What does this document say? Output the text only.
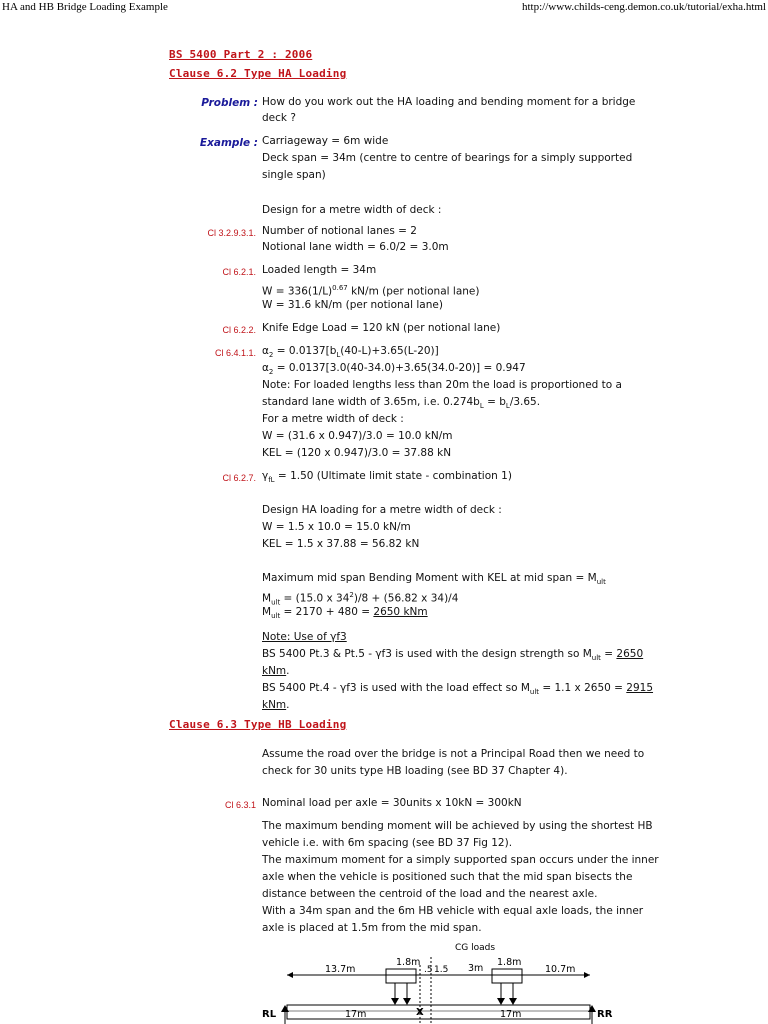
HA and HB Bridge Loading Example	http://www.childs-ceng.demon.co.uk/tutorial/exha.html
BS 5400 Part 2 : 2006
Clause 6.2 Type HA Loading
Problem : How do you work out the HA loading and bending moment for a bridge
deck ?
Example : Carriageway = 6m wide
Deck span = 34m (centre to centre of bearings for a simply supported
single span)
Design for a metre width of deck :
Cl 3.2.9.3.1. Number of notional lanes = 2
Notional lane width = 6.0/2 = 3.0m
Cl 6.2.1. Loaded length = 34m
$W = 336(1/L)^{0.67}$ kN/m (per notional lane)
W = 31.6 kN/m (per notional lane)
Cl 6.2.2. Knife Edge Load = 120 kN (per notional lane)
Cl 6.4.1.1. $\alpha_2 = 0.0137[b_L(40-L)+3.65(L-20)]$
$\alpha_2 = 0.0137[3.0(40-34.0)+3.65(34.0-20)] = 0.947$
Note: For loaded lengths less than 20m the load is proportioned to a
standard lane width of 3.65m, i.e. $0.274b_L = b_L/3.65$.
For a metre width of deck :
W = (31.6 x 0.947)/3.0 = 10.0 kN/m
KEL = (120 x 0.947)/3.0 = 37.88 kN
Cl 6.2.7. $\gamma_{fL} = 1.50$ (Ultimate limit state - combination 1)
Design HA loading for a metre width of deck :
W = 1.5 x 10.0 = 15.0 kN/m
KEL = 1.5 x 37.88 = 56.82 kN
Maximum mid span Bending Moment with KEL at mid span = $M_{ult}$
$M_{ult} = (15.0$ x $34^2)/8 + (56.82$ x 34)/4
$M_{ult} = 2170 + 480 = 2650$ kNm
Note: Use of γf3
BS 5400 Pt.3 & Pt.5 - γf3 is used with the design strength so $M_{ult} = 2650$
kNm.
BS 5400 Pt.4 - γf3 is used with the load effect so $M_{ult} = 1.1$ x 2650 = 2915
kNm.
Clause 6.3 Type HB Loading
Assume the road over the bridge is not a Principal Road then we need to
check for 30 units type HB loading (see BD 37 Chapter 4).
Cl 6.3.1 Nominal load per axle = 30units x 10kN = 300kN
The maximum bending moment will be achieved by using the shortest HB
vehicle i.e. with 6m spacing (see BD 37 Fig 12).
The maximum moment for a simply supported span occurs under the inner
axle when the vehicle is positioned such that the mid span bisects the
distance between the centroid of the load and the nearest axle.
With a 34m span and the 6m HB vehicle with equal axle loads, the inner
axle is placed at 1.5m from the mid span.
CG loads
13.7m
1.8m
.5 1.5 3m
1.8m
10.7m
RL	RR
X
17m	17m
